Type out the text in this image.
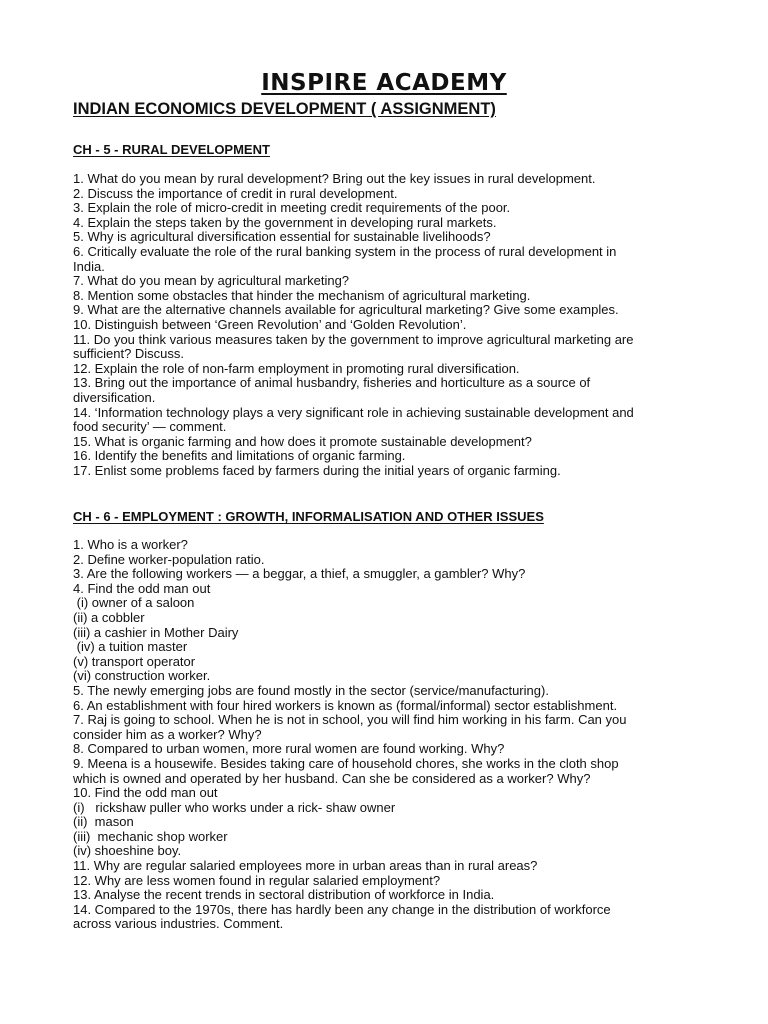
INSPIRE ACADEMY
INDIAN ECONOMICS DEVELOPMENT ( ASSIGNMENT)
CH - 5 - RURAL DEVELOPMENT
1. What do you mean by rural development? Bring out the key issues in rural development.
2. Discuss the importance of credit in rural development.
3. Explain the role of micro-credit in meeting credit requirements of the poor.
4. Explain the steps taken by the government in developing rural markets.
5. Why is agricultural diversification essential for sustainable livelihoods?
6. Critically evaluate the role of the rural banking system in the process of rural development in
India.
7. What do you mean by agricultural marketing?
8. Mention some obstacles that hinder the mechanism of agricultural marketing.
9. What are the alternative channels available for agricultural marketing? Give some examples.
10. Distinguish between ‘Green Revolution’ and ‘Golden Revolution’.
11. Do you think various measures taken by the government to improve agricultural marketing are
sufficient? Discuss.
12. Explain the role of non-farm employment in promoting rural diversification.
13. Bring out the importance of animal husbandry, fisheries and horticulture as a source of
diversification.
14. ‘Information technology plays a very significant role in achieving sustainable development and
food security’ — comment.
15. What is organic farming and how does it promote sustainable development?
16. Identify the benefits and limitations of organic farming.
17. Enlist some problems faced by farmers during the initial years of organic farming.
CH - 6 - EMPLOYMENT : GROWTH, INFORMALISATION AND OTHER ISSUES
1. Who is a worker?
2. Define worker-population ratio.
3. Are the following workers — a beggar, a thief, a smuggler, a gambler? Why?
4. Find the odd man out
(i) owner of a saloon
(ii) a cobbler
(iii) a cashier in Mother Dairy
(iv) a tuition master
(v) transport operator
(vi) construction worker.
5. The newly emerging jobs are found mostly in the sector (service/manufacturing).
6. An establishment with four hired workers is known as (formal/informal) sector establishment.
7. Raj is going to school. When he is not in school, you will find him working in his farm. Can you
consider him as a worker? Why?
8. Compared to urban women, more rural women are found working. Why?
9. Meena is a housewife. Besides taking care of household chores, she works in the cloth shop
which is owned and operated by her husband. Can she be considered as a worker? Why?
10. Find the odd man out
(i)   rickshaw puller who works under a rick- shaw owner
(ii)  mason
(iii)  mechanic shop worker
(iv) shoeshine boy.
11. Why are regular salaried employees more in urban areas than in rural areas?
12. Why are less women found in regular salaried employment?
13. Analyse the recent trends in sectoral distribution of workforce in India.
14. Compared to the 1970s, there has hardly been any change in the distribution of workforce
across various industries. Comment.
